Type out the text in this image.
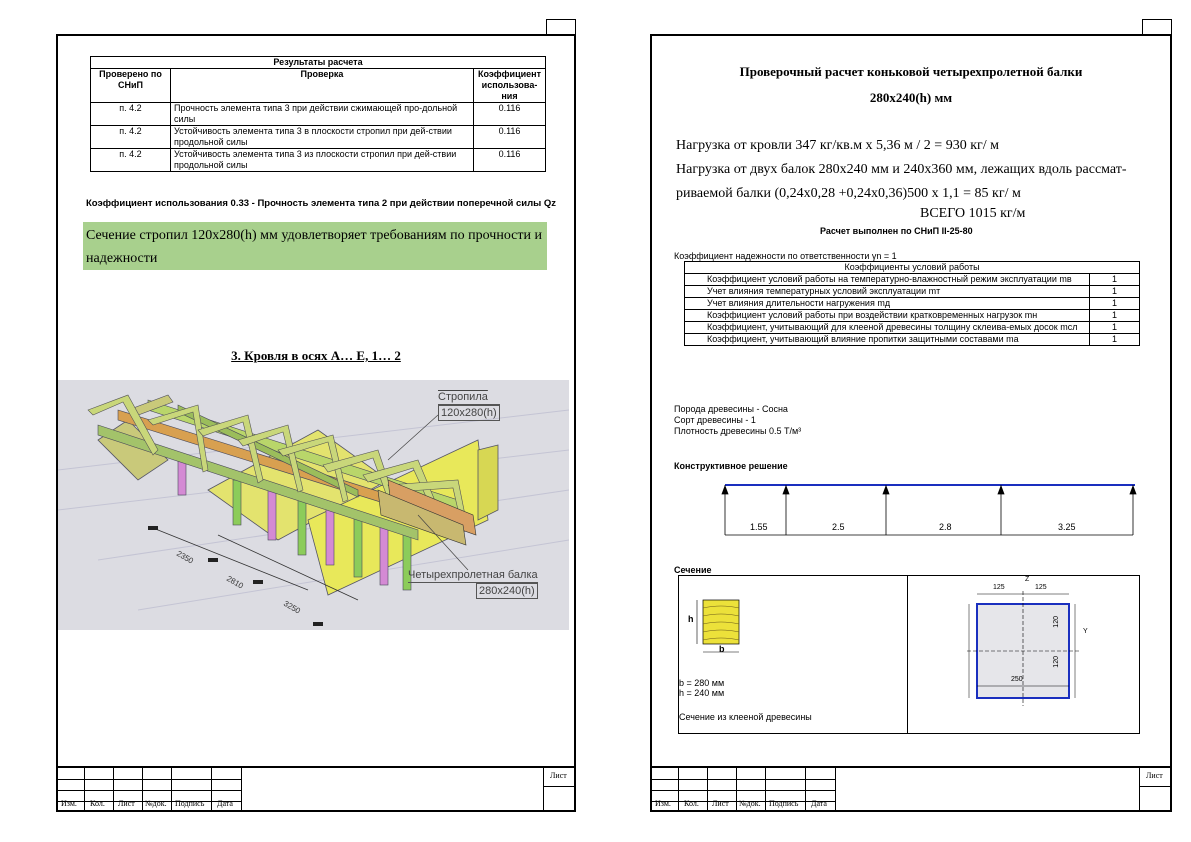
Результаты расчета		
Проверено по СНиП	Проверка	Коэффициент использова-ния
п. 4.2	Прочность элемента типа 3 при действии сжимающей про-дольной силы	0.116
п. 4.2	Устойчивость элемента типа 3 в плоскости стропил при дей-ствии продольной силы	0.116
п. 4.2	Устойчивость элемента типа 3 из плоскости стропил при дей-ствии продольной силы	0.116
Коэффициент использования 0.33 - Прочность элемента типа 2 при действии поперечной силы Qz
Сечение стропил 120x280(h) мм удовлетворяет требованиям по прочности и надежности
3. Кровля в осях А… Е, 1… 2
2350
2810
3250
Стропила
120x280(h)
Четырехпролетная балка
280x240(h)
Изм. Кол. Лист №док. Подпись Дата
Лист
Проверочный расчет коньковой четырехпролетной балки
280x240(h) мм
Нагрузка от кровли 347 кг/кв.м х 5,36 м / 2 = 930 кг/ м
Нагрузка от двух балок 280x240 мм и 240x360 мм, лежащих вдоль рассмат-
риваемой балки (0,24х0,28 +0,24х0,36)500 х 1,1 = 85 кг/ м
ВСЕГО 1015 кг/м
Расчет выполнен по СНиП II-25-80
Коэффициент надежности по ответственности γn = 1
Коэффициенты условий работы	
Коэффициент условий работы на температурно-влажностный режим эксплуатации mв	1
Учет влияния температурных условий эксплуатации mт	1
Учет влияния длительности нагружения mд	1
Коэффициент условий работы при воздействии кратковременных нагрузок mн	1
Коэффициент, учитывающий для клееной древесины толщину склеива-емых досок mсл	1
Коэффициент, учитывающий влияние пропитки защитными составами mа	1
Порода древесины - Сосна
Сорт древесины - 1
Плотность древесины 0.5 Т/м³
Конструктивное решение
1.55	2.5	2.8	3.25
Сечение
h
b
b = 280 мм
h = 240 мм
Сечение из клееной древесины
125	125
Z
Y
120
120
250
Изм. Кол. Лист №док. Подпись Дата
Лист
